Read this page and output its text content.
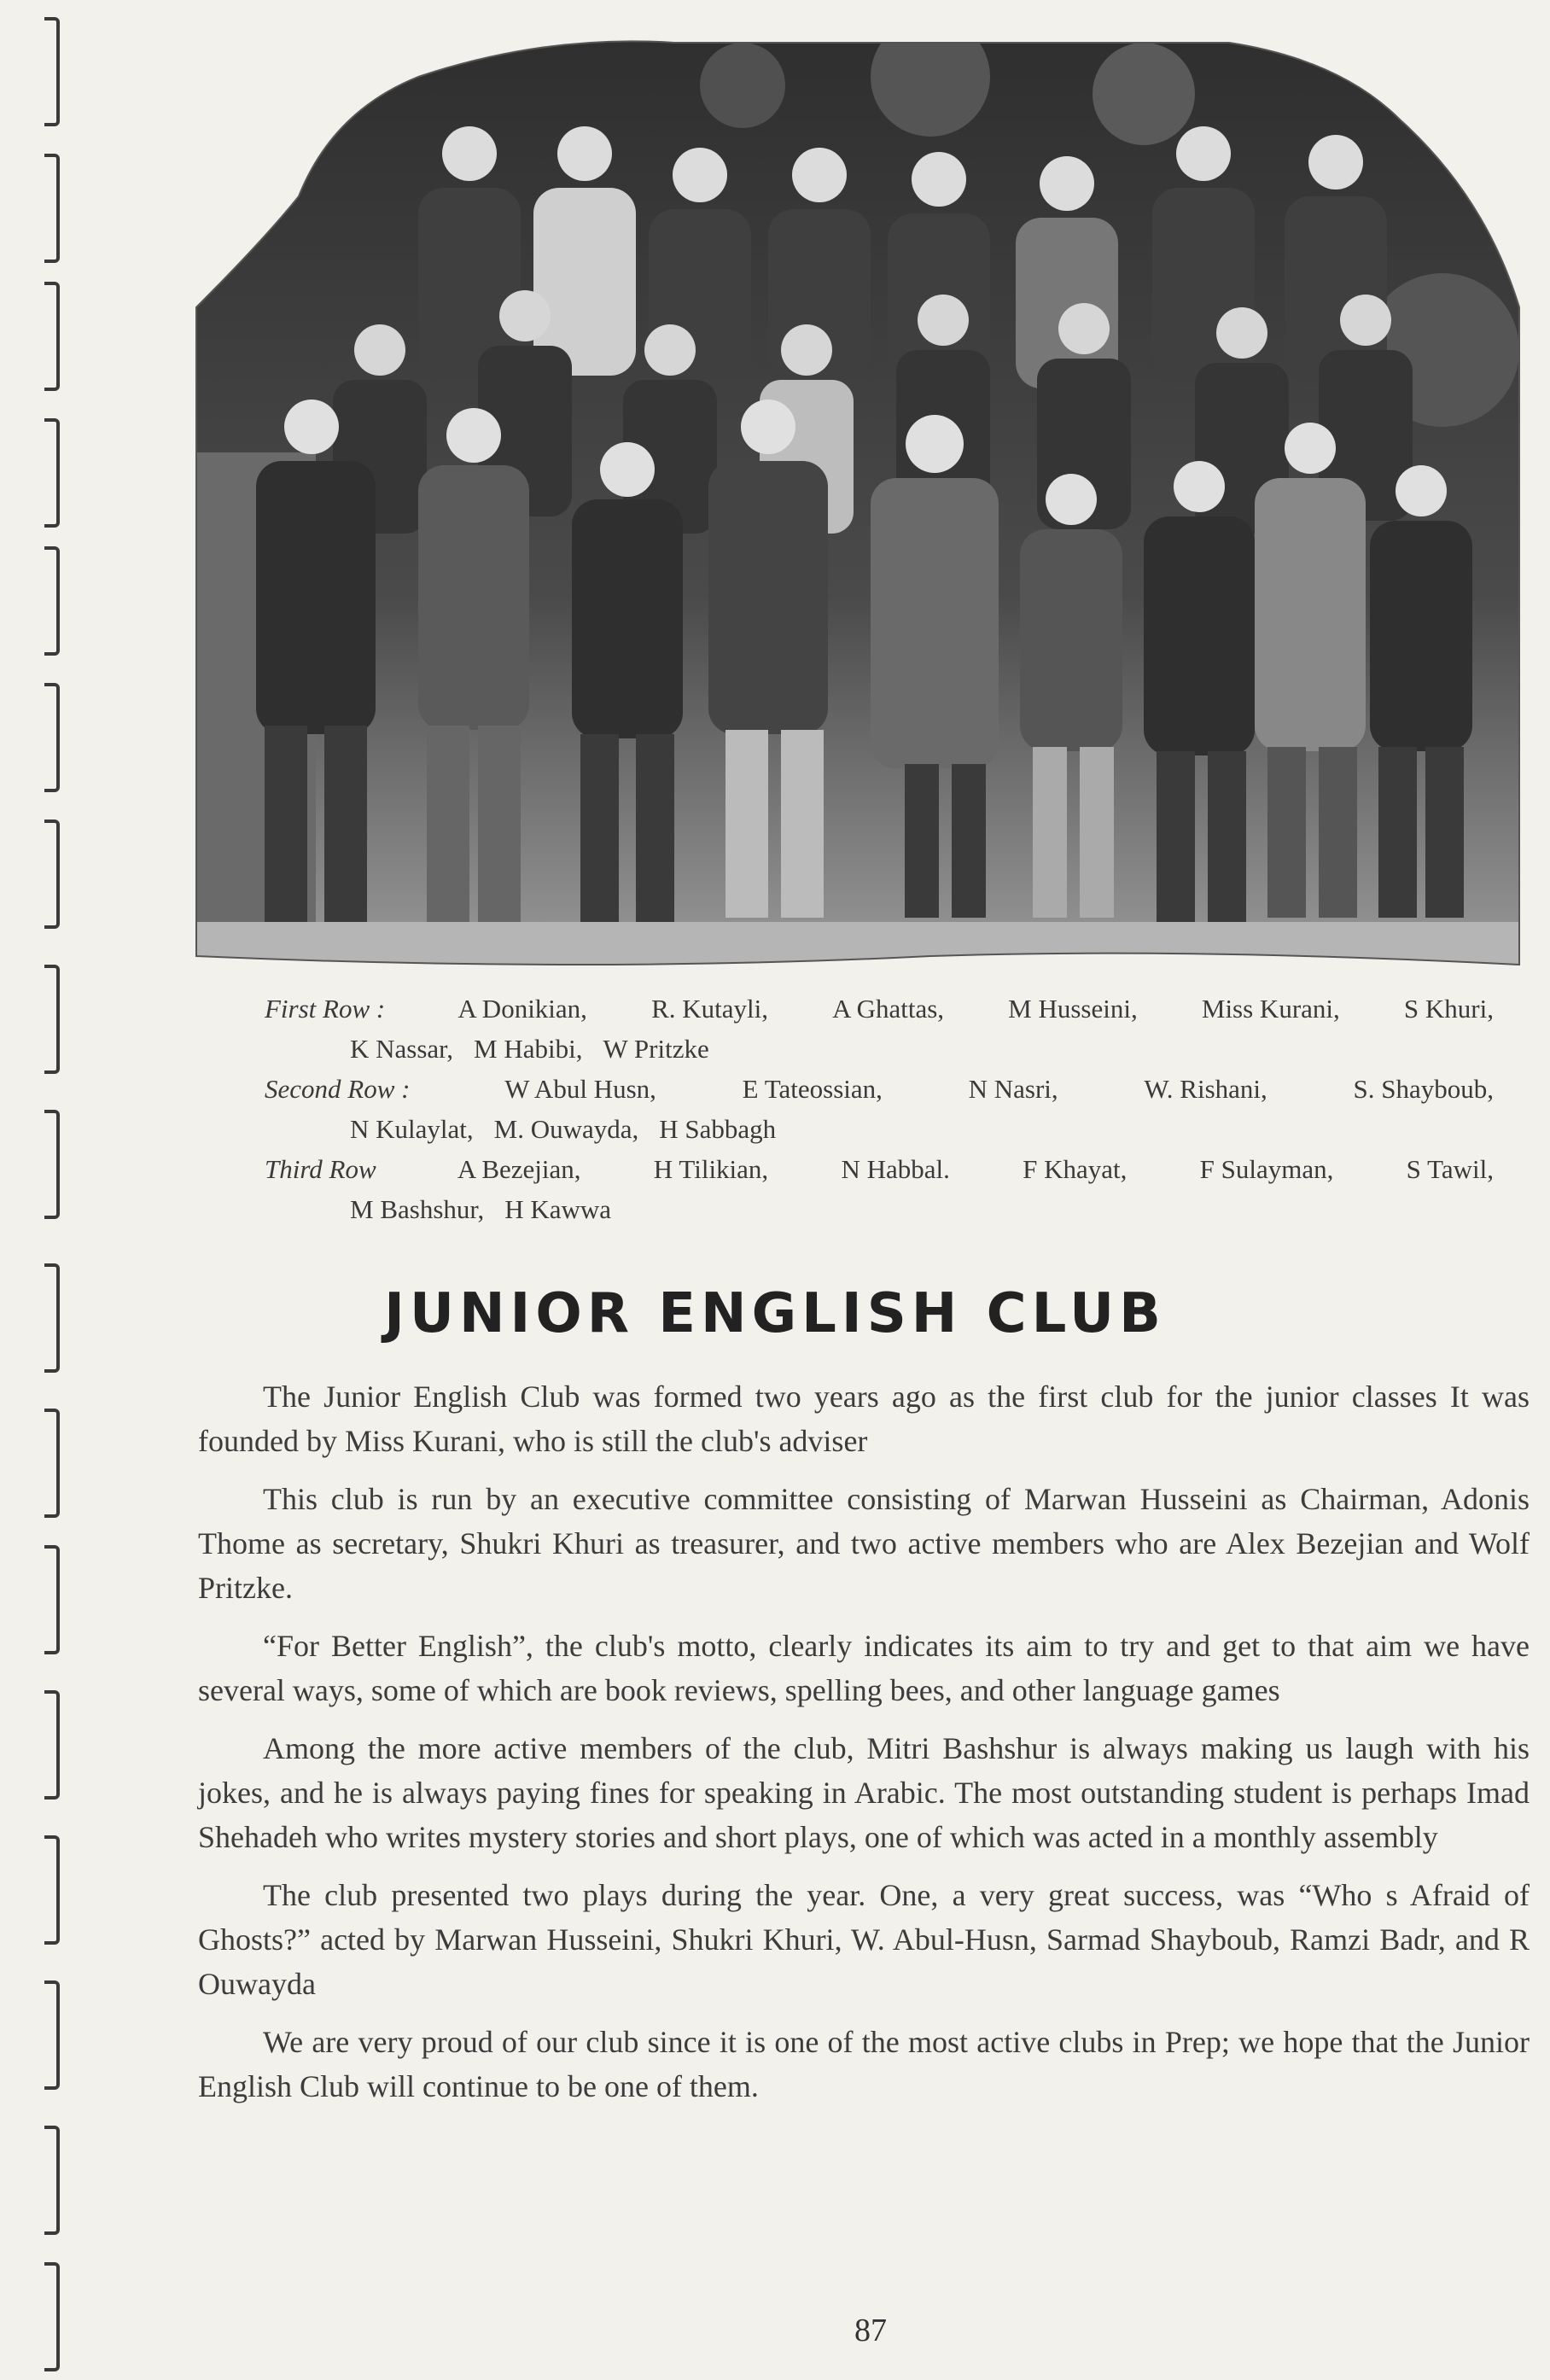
First Row :	A Donikian, R. Kutayli, A Ghattas, M Husseini, Miss Kurani, S Khuri,
K Nassar, M Habibi, W Pritzke
Second Row :	W Abul Husn,	E Tateossian,	N Nasri,	W. Rishani,	S. Shayboub,
N Kulaylat, M. Ouwayda, H Sabbagh
Third Row	A Bezejian,	H Tilikian,	N Habbal.	F Khayat,	F Sulayman,	S Tawil,
M Bashshur, H Kawwa
JUNIOR ENGLISH CLUB

The Junior English Club was formed two years ago as the first club for the junior classes It was founded by Miss Kurani, who is still the club's adviser

This club is run by an executive committee consisting of Marwan Husseini as Chairman, Adonis Thome as secretary, Shukri Khuri as treasurer, and two active members who are Alex Bezejian and Wolf Pritzke.

“For Better English”, the club's motto, clearly indicates its aim to try and get to that aim we have several ways, some of which are book reviews, spelling bees, and other language games

Among the more active members of the club, Mitri Bashshur is always making us laugh with his jokes, and he is always paying fines for speaking in Arabic. The most outstanding student is perhaps Imad Shehadeh who writes mystery stories and short plays, one of which was acted in a monthly assembly

The club presented two plays during the year. One, a very great success, was “Who s Afraid of Ghosts?” acted by Marwan Husseini, Shukri Khuri, W. Abul-Husn, Sarmad Shayboub, Ramzi Badr, and R Ouwayda

We are very proud of our club since it is one of the most active clubs in Prep; we hope that the Junior English Club will continue to be one of them.

87
